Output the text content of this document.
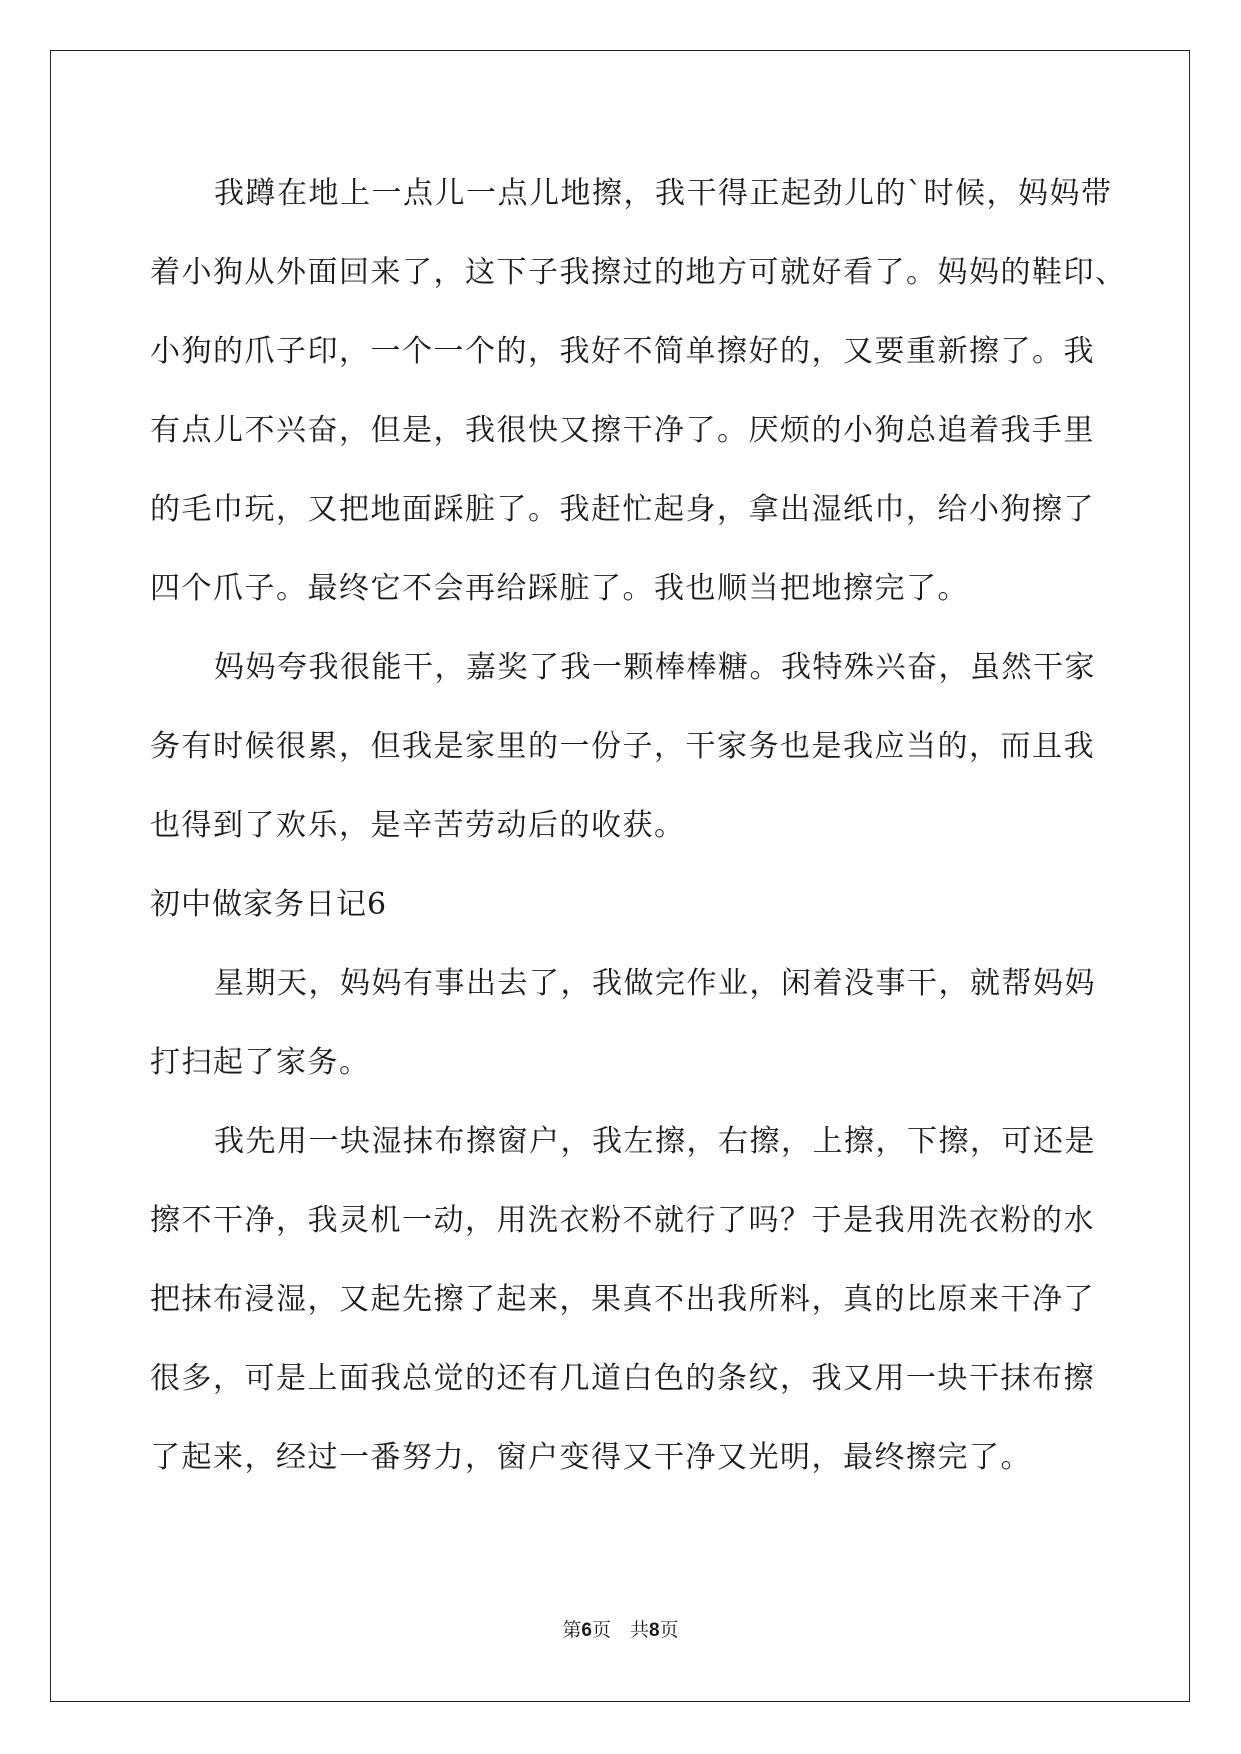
我蹲在地上一点儿一点儿地擦，我干得正起劲儿的`时候，妈妈带
着小狗从外面回来了，这下子我擦过的地方可就好看了。妈妈的鞋印、
小狗的爪子印，一个一个的，我好不简单擦好的，又要重新擦了。我
有点儿不兴奋，但是，我很快又擦干净了。厌烦的小狗总追着我手里
的毛巾玩，又把地面踩脏了。我赶忙起身，拿出湿纸巾，给小狗擦了
四个爪子。最终它不会再给踩脏了。我也顺当把地擦完了。
妈妈夸我很能干，嘉奖了我一颗棒棒糖。我特殊兴奋，虽然干家
务有时候很累，但我是家里的一份子，干家务也是我应当的，而且我
也得到了欢乐，是辛苦劳动后的收获。
初中做家务日记6
星期天，妈妈有事出去了，我做完作业，闲着没事干，就帮妈妈
打扫起了家务。
我先用一块湿抹布擦窗户，我左擦，右擦，上擦，下擦，可还是
擦不干净，我灵机一动，用洗衣粉不就行了吗？于是我用洗衣粉的水
把抹布浸湿，又起先擦了起来，果真不出我所料，真的比原来干净了
很多，可是上面我总觉的还有几道白色的条纹，我又用一块干抹布擦
了起来，经过一番努力，窗户变得又干净又光明，最终擦完了。
第6页　共8页
